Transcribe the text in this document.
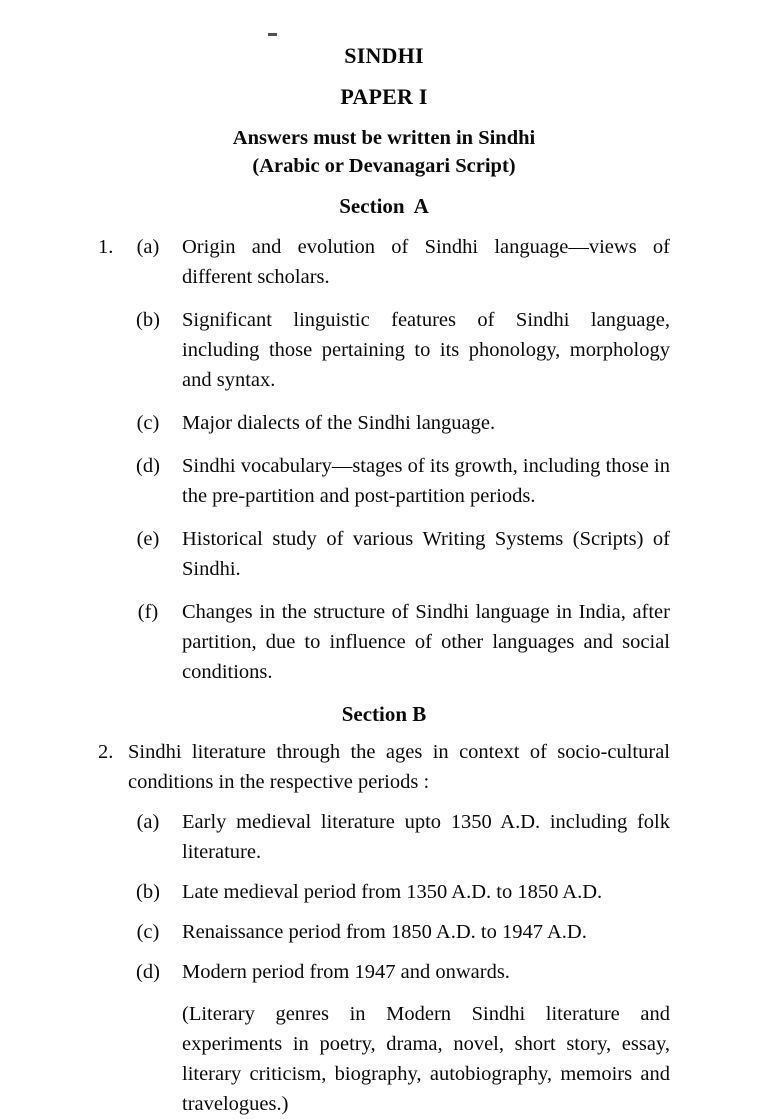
SINDHI
PAPER I
Answers must be written in Sindhi
(Arabic or Devanagari Script)
Section A
1.	(a)	Origin and evolution of Sindhi language—views of different scholars.
(b)	Significant linguistic features of Sindhi language, including those pertaining to its phonology, morphology and syntax.
(c)	Major dialects of the Sindhi language.
(d)	Sindhi vocabulary—stages of its growth, including those in the pre-partition and post-partition periods.
(e)	Historical study of various Writing Systems (Scripts) of Sindhi.
(f)	Changes in the structure of Sindhi language in India, after partition, due to influence of other languages and social conditions.
Section B
2. Sindhi literature through the ages in context of socio-cultural conditions in the respective periods :
(a)	Early medieval literature upto 1350 A.D. including folk literature.
(b)	Late medieval period from 1350 A.D. to 1850 A.D.
(c)	Renaissance period from 1850 A.D. to 1947 A.D.
(d)	Modern period from 1947 and onwards.
(Literary genres in Modern Sindhi literature and experiments in poetry, drama, novel, short story, essay, literary criticism, biography, autobiography, memoirs and travelogues.)
